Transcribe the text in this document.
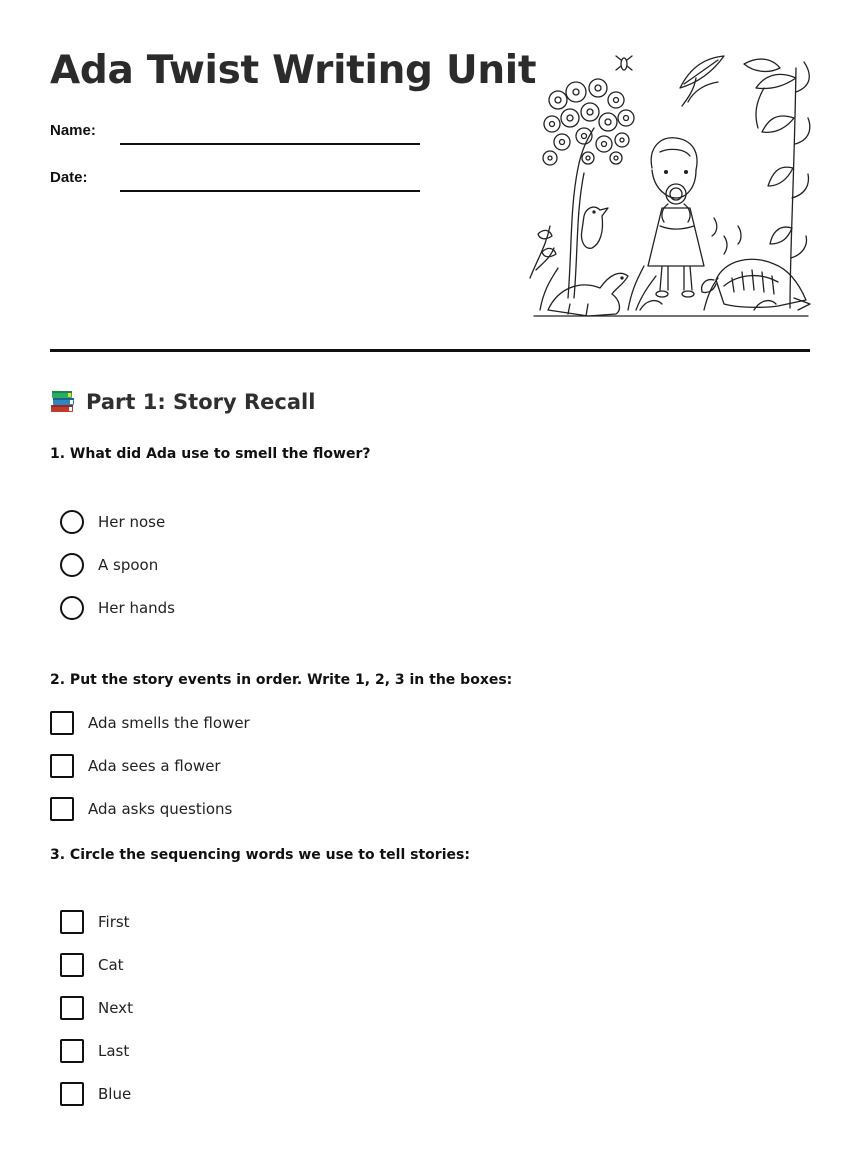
Ada Twist Writing Unit
Name:
Date:
Part 1: Story Recall
1. What did Ada use to smell the flower?
Her nose
A spoon
Her hands
2. Put the story events in order. Write 1, 2, 3 in the boxes:
Ada smells the flower
Ada sees a flower
Ada asks questions
3. Circle the sequencing words we use to tell stories:
First
Cat
Next
Last
Blue
